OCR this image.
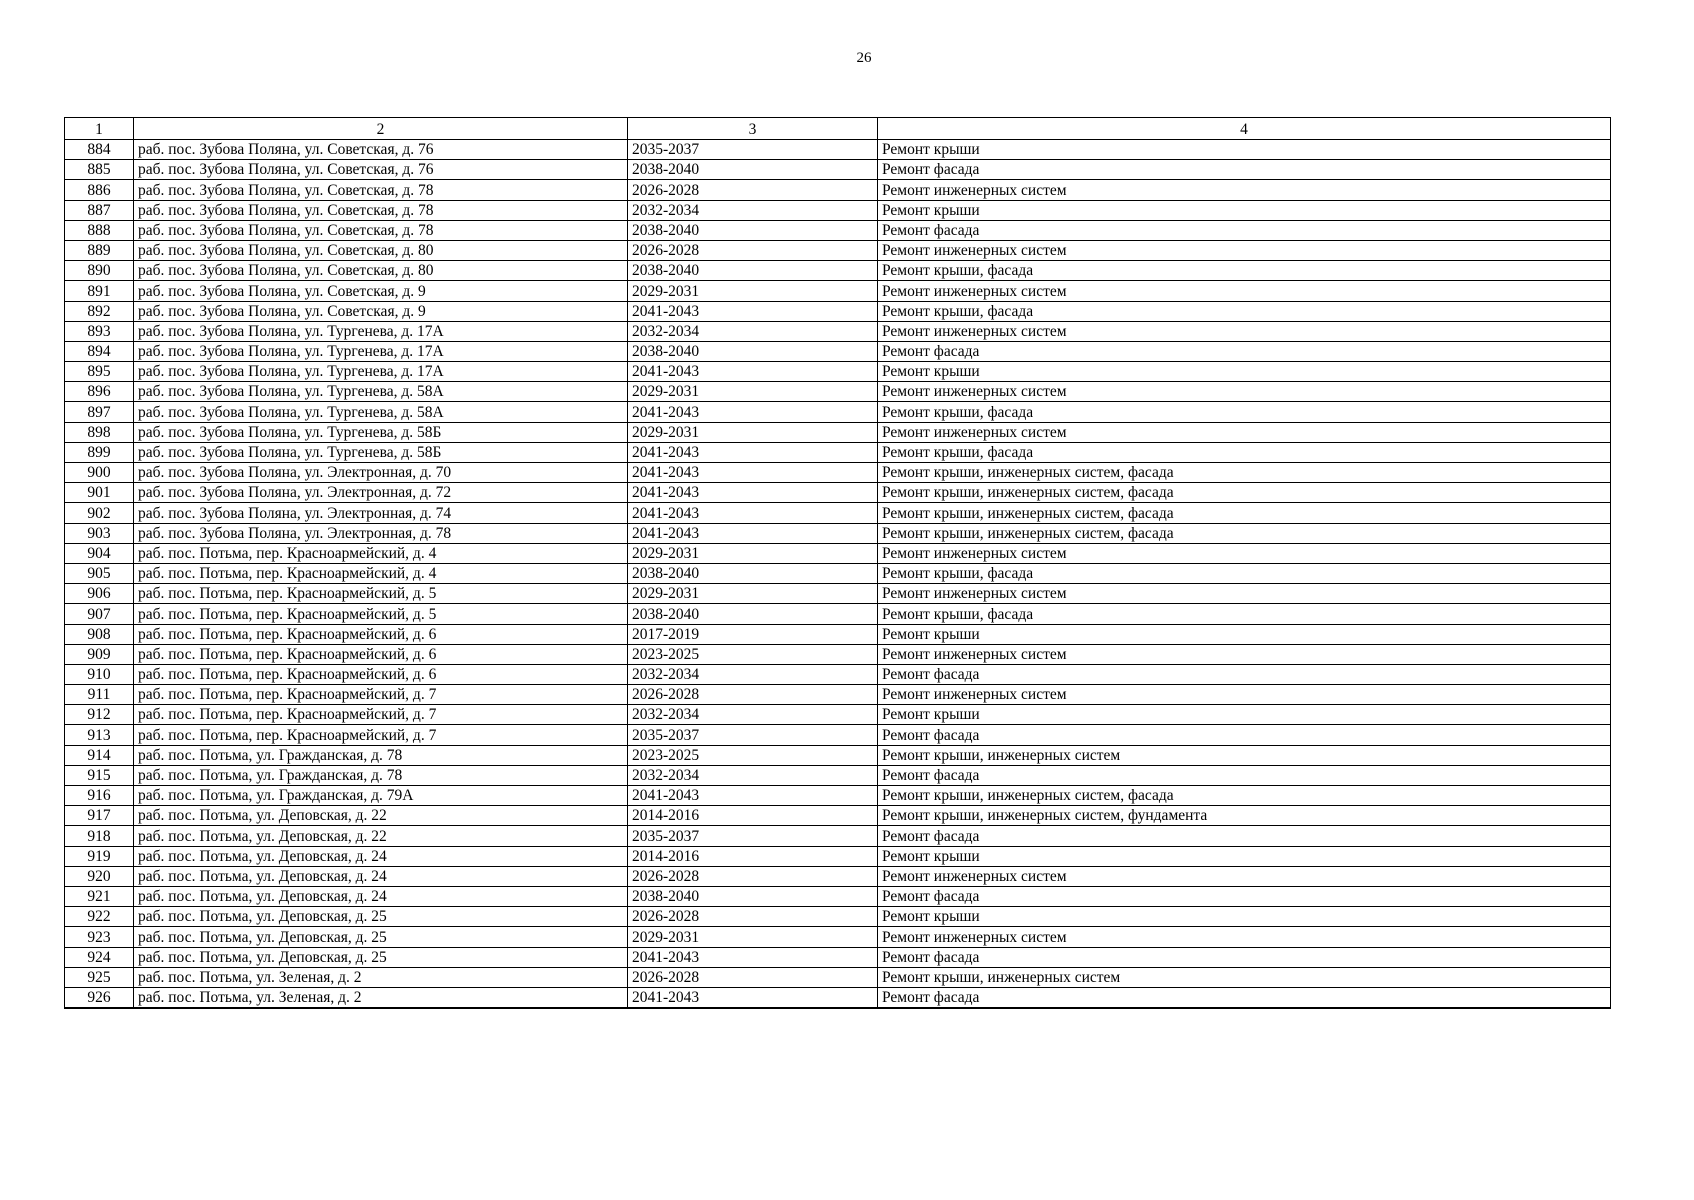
26
1	2	3	4
884	раб. пос. Зубова Поляна, ул. Советская, д. 76	2035-2037	Ремонт крыши
885	раб. пос. Зубова Поляна, ул. Советская, д. 76	2038-2040	Ремонт фасада
886	раб. пос. Зубова Поляна, ул. Советская, д. 78	2026-2028	Ремонт инженерных систем
887	раб. пос. Зубова Поляна, ул. Советская, д. 78	2032-2034	Ремонт крыши
888	раб. пос. Зубова Поляна, ул. Советская, д. 78	2038-2040	Ремонт фасада
889	раб. пос. Зубова Поляна, ул. Советская, д. 80	2026-2028	Ремонт инженерных систем
890	раб. пос. Зубова Поляна, ул. Советская, д. 80	2038-2040	Ремонт крыши, фасада
891	раб. пос. Зубова Поляна, ул. Советская, д. 9	2029-2031	Ремонт инженерных систем
892	раб. пос. Зубова Поляна, ул. Советская, д. 9	2041-2043	Ремонт крыши, фасада
893	раб. пос. Зубова Поляна, ул. Тургенева, д. 17А	2032-2034	Ремонт инженерных систем
894	раб. пос. Зубова Поляна, ул. Тургенева, д. 17А	2038-2040	Ремонт фасада
895	раб. пос. Зубова Поляна, ул. Тургенева, д. 17А	2041-2043	Ремонт крыши
896	раб. пос. Зубова Поляна, ул. Тургенева, д. 58А	2029-2031	Ремонт инженерных систем
897	раб. пос. Зубова Поляна, ул. Тургенева, д. 58А	2041-2043	Ремонт крыши, фасада
898	раб. пос. Зубова Поляна, ул. Тургенева, д. 58Б	2029-2031	Ремонт инженерных систем
899	раб. пос. Зубова Поляна, ул. Тургенева, д. 58Б	2041-2043	Ремонт крыши, фасада
900	раб. пос. Зубова Поляна, ул. Электронная, д. 70	2041-2043	Ремонт крыши, инженерных систем, фасада
901	раб. пос. Зубова Поляна, ул. Электронная, д. 72	2041-2043	Ремонт крыши, инженерных систем, фасада
902	раб. пос. Зубова Поляна, ул. Электронная, д. 74	2041-2043	Ремонт крыши, инженерных систем, фасада
903	раб. пос. Зубова Поляна, ул. Электронная, д. 78	2041-2043	Ремонт крыши, инженерных систем, фасада
904	раб. пос. Потьма, пер. Красноармейский, д. 4	2029-2031	Ремонт инженерных систем
905	раб. пос. Потьма, пер. Красноармейский, д. 4	2038-2040	Ремонт крыши, фасада
906	раб. пос. Потьма, пер. Красноармейский, д. 5	2029-2031	Ремонт инженерных систем
907	раб. пос. Потьма, пер. Красноармейский, д. 5	2038-2040	Ремонт крыши, фасада
908	раб. пос. Потьма, пер. Красноармейский, д. 6	2017-2019	Ремонт крыши
909	раб. пос. Потьма, пер. Красноармейский, д. 6	2023-2025	Ремонт инженерных систем
910	раб. пос. Потьма, пер. Красноармейский, д. 6	2032-2034	Ремонт фасада
911	раб. пос. Потьма, пер. Красноармейский, д. 7	2026-2028	Ремонт инженерных систем
912	раб. пос. Потьма, пер. Красноармейский, д. 7	2032-2034	Ремонт крыши
913	раб. пос. Потьма, пер. Красноармейский, д. 7	2035-2037	Ремонт фасада
914	раб. пос. Потьма, ул. Гражданская, д. 78	2023-2025	Ремонт крыши, инженерных систем
915	раб. пос. Потьма, ул. Гражданская, д. 78	2032-2034	Ремонт фасада
916	раб. пос. Потьма, ул. Гражданская, д. 79А	2041-2043	Ремонт крыши, инженерных систем, фасада
917	раб. пос. Потьма, ул. Деповская, д. 22	2014-2016	Ремонт крыши, инженерных систем, фундамента
918	раб. пос. Потьма, ул. Деповская, д. 22	2035-2037	Ремонт фасада
919	раб. пос. Потьма, ул. Деповская, д. 24	2014-2016	Ремонт крыши
920	раб. пос. Потьма, ул. Деповская, д. 24	2026-2028	Ремонт инженерных систем
921	раб. пос. Потьма, ул. Деповская, д. 24	2038-2040	Ремонт фасада
922	раб. пос. Потьма, ул. Деповская, д. 25	2026-2028	Ремонт крыши
923	раб. пос. Потьма, ул. Деповская, д. 25	2029-2031	Ремонт инженерных систем
924	раб. пос. Потьма, ул. Деповская, д. 25	2041-2043	Ремонт фасада
925	раб. пос. Потьма, ул. Зеленая, д. 2	2026-2028	Ремонт крыши, инженерных систем
926	раб. пос. Потьма, ул. Зеленая, д. 2	2041-2043	Ремонт фасада
